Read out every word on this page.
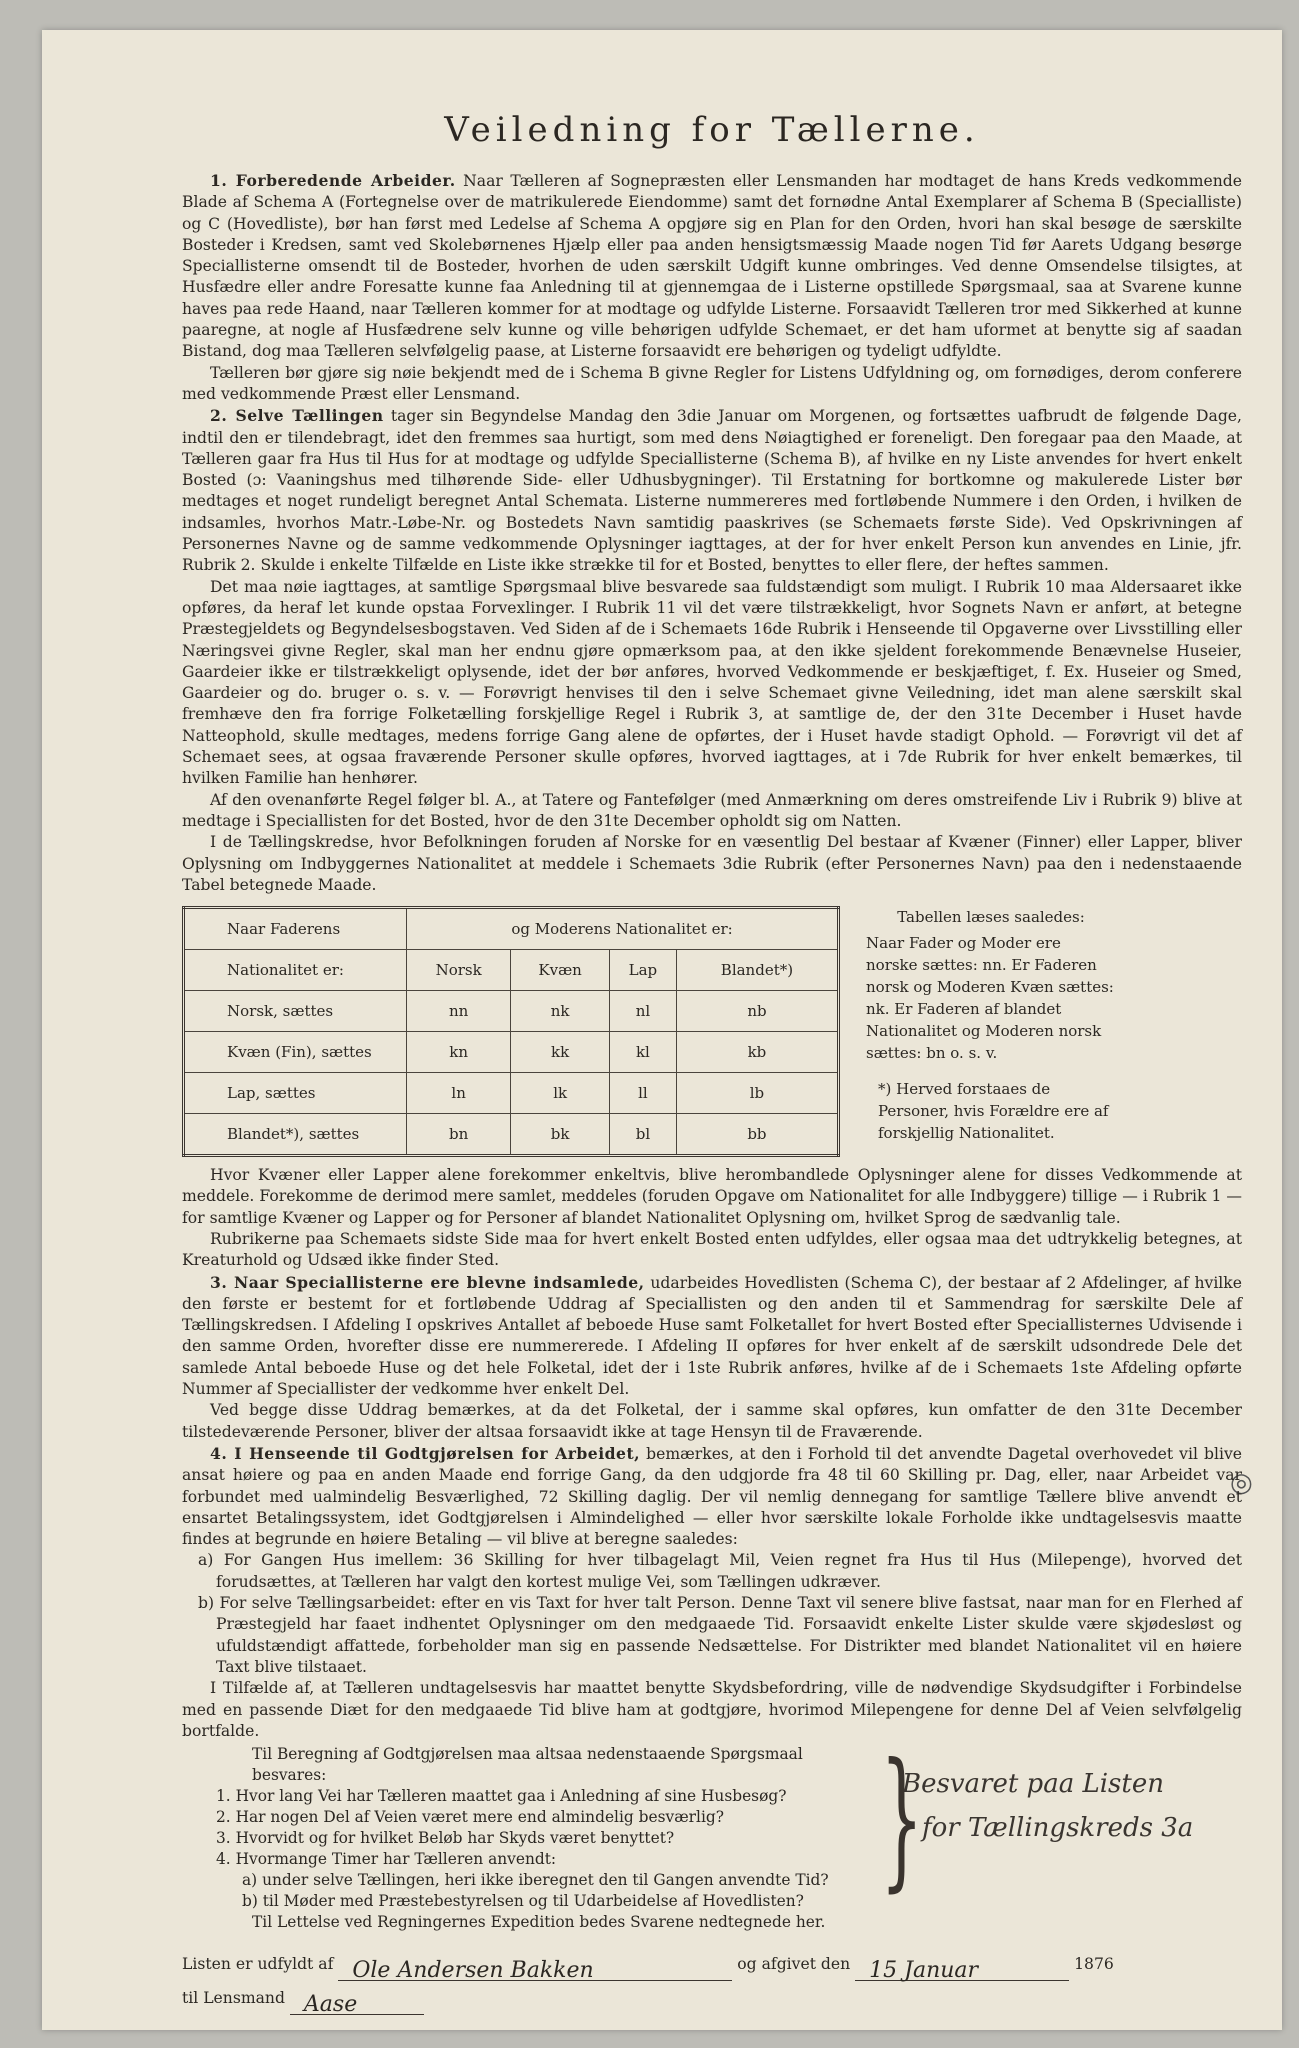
◎
Veiledning for Tællerne.

1. Forberedende Arbeider. Naar Tælleren af Sognepræsten eller Lensmanden har modtaget de hans Kreds vedkommende Blade af Schema A (Fortegnelse over de matrikulerede Eiendomme) samt det fornødne Antal Exemplarer af Schema B (Specialliste) og C (Hovedliste), bør han først med Ledelse af Schema A opgjøre sig en Plan for den Orden, hvori han skal besøge de særskilte Bosteder i Kredsen, samt ved Skolebørnenes Hjælp eller paa anden hensigtsmæssig Maade nogen Tid før Aarets Udgang besørge Speciallisterne omsendt til de Bosteder, hvorhen de uden særskilt Udgift kunne ombringes. Ved denne Omsendelse tilsigtes, at Husfædre eller andre Foresatte kunne faa Anledning til at gjennemgaa de i Listerne opstillede Spørgsmaal, saa at Svarene kunne haves paa rede Haand, naar Tælleren kommer for at modtage og udfylde Listerne. Forsaavidt Tælleren tror med Sikkerhed at kunne paaregne, at nogle af Husfædrene selv kunne og ville behørigen udfylde Schemaet, er det ham uformet at benytte sig af saadan Bistand, dog maa Tælleren selvfølgelig paase, at Listerne forsaavidt ere behørigen og tydeligt udfyldte.

Tælleren bør gjøre sig nøie bekjendt med de i Schema B givne Regler for Listens Udfyldning og, om fornødiges, derom conferere med vedkommende Præst eller Lensmand.

2. Selve Tællingen tager sin Begyndelse Mandag den 3die Januar om Morgenen, og fortsættes uafbrudt de følgende Dage, indtil den er tilendebragt, idet den fremmes saa hurtigt, som med dens Nøiagtighed er foreneligt. Den foregaar paa den Maade, at Tælleren gaar fra Hus til Hus for at modtage og udfylde Speciallisterne (Schema B), af hvilke en ny Liste anvendes for hvert enkelt Bosted (ɔ: Vaaningshus med tilhørende Side- eller Udhusbygninger). Til Erstatning for bortkomne og makulerede Lister bør medtages et noget rundeligt beregnet Antal Schemata. Listerne nummereres med fortløbende Nummere i den Orden, i hvilken de indsamles, hvorhos Matr.-Løbe-Nr. og Bostedets Navn samtidig paaskrives (se Schemaets første Side). Ved Opskrivningen af Personernes Navne og de samme vedkommende Oplysninger iagttages, at der for hver enkelt Person kun anvendes en Linie, jfr. Rubrik 2. Skulde i enkelte Tilfælde en Liste ikke strække til for et Bosted, benyttes to eller flere, der heftes sammen.

Det maa nøie iagttages, at samtlige Spørgsmaal blive besvarede saa fuldstændigt som muligt. I Rubrik 10 maa Aldersaaret ikke opføres, da heraf let kunde opstaa Forvexlinger. I Rubrik 11 vil det være tilstrækkeligt, hvor Sognets Navn er anført, at betegne Præstegjeldets og Begyndelsesbogstaven. Ved Siden af de i Schemaets 16de Rubrik i Henseende til Opgaverne over Livsstilling eller Næringsvei givne Regler, skal man her endnu gjøre opmærksom paa, at den ikke sjeldent forekommende Benævnelse Huseier, Gaardeier ikke er tilstrækkeligt oplysende, idet der bør anføres, hvorved Vedkommende er beskjæftiget, f. Ex. Huseier og Smed, Gaardeier og do. bruger o. s. v. — Forøvrigt henvises til den i selve Schemaet givne Veiledning, idet man alene særskilt skal fremhæve den fra forrige Folketælling forskjellige Regel i Rubrik 3, at samtlige de, der den 31te December i Huset havde Natteophold, skulle medtages, medens forrige Gang alene de opførtes, der i Huset havde stadigt Ophold. — Forøvrigt vil det af Schemaet sees, at ogsaa fraværende Personer skulle opføres, hvorved iagttages, at i 7de Rubrik for hver enkelt bemærkes, til hvilken Familie han henhører.

Af den ovenanførte Regel følger bl. A., at Tatere og Fantefølger (med Anmærkning om deres omstreifende Liv i Rubrik 9) blive at medtage i Speciallisten for det Bosted, hvor de den 31te December opholdt sig om Natten.

I de Tællingskredse, hvor Befolkningen foruden af Norske for en væsentlig Del bestaar af Kvæner (Finner) eller Lapper, bliver Oplysning om Indbyggernes Nationalitet at meddele i Schemaets 3die Rubrik (efter Personernes Navn) paa den i nedenstaaende Tabel betegnede Maade.

Naar Faderens	og Moderens Nationalitet er:			
Nationalitet er:	Norsk	Kvæn	Lap	Blandet*)
Norsk, sættes	nn	nk	nl	nb
Kvæn (Fin), sættes	kn	kk	kl	kb
Lap, sættes	ln	lk	ll	lb
Blandet*), sættes	bn	bk	bl	bb
Tabellen læses saaledes:
Naar Fader og Moder ere norske sættes: nn. Er Faderen norsk og Moderen Kvæn sættes: nk. Er Faderen af blandet Nationalitet og Moderen norsk sættes: bn o. s. v.
*) Herved forstaaes de Personer, hvis Forældre ere af forskjellig Nationalitet.

Hvor Kvæner eller Lapper alene forekommer enkeltvis, blive herombandlede Oplysninger alene for disses Vedkommende at meddele. Forekomme de derimod mere samlet, meddeles (foruden Opgave om Nationalitet for alle Indbyggere) tillige — i Rubrik 1 — for samtlige Kvæner og Lapper og for Personer af blandet Nationalitet Oplysning om, hvilket Sprog de sædvanlig tale.

Rubrikerne paa Schemaets sidste Side maa for hvert enkelt Bosted enten udfyldes, eller ogsaa maa det udtrykkelig betegnes, at Kreaturhold og Udsæd ikke finder Sted.

3. Naar Speciallisterne ere blevne indsamlede, udarbeides Hovedlisten (Schema C), der bestaar af 2 Afdelinger, af hvilke den første er bestemt for et fortløbende Uddrag af Speciallisten og den anden til et Sammendrag for særskilte Dele af Tællingskredsen. I Afdeling I opskrives Antallet af beboede Huse samt Folketallet for hvert Bosted efter Speciallisternes Udvisende i den samme Orden, hvorefter disse ere nummererede. I Afdeling II opføres for hver enkelt af de særskilt udsondrede Dele det samlede Antal beboede Huse og det hele Folketal, idet der i 1ste Rubrik anføres, hvilke af de i Schemaets 1ste Afdeling opførte Nummer af Speciallister der vedkomme hver enkelt Del.

Ved begge disse Uddrag bemærkes, at da det Folketal, der i samme skal opføres, kun omfatter de den 31te December tilstedeværende Personer, bliver der altsaa forsaavidt ikke at tage Hensyn til de Fraværende.

4. I Henseende til Godtgjørelsen for Arbeidet, bemærkes, at den i Forhold til det anvendte Dagetal overhovedet vil blive ansat høiere og paa en anden Maade end forrige Gang, da den udgjorde fra 48 til 60 Skilling pr. Dag, eller, naar Arbeidet var forbundet med ualmindelig Besværlighed, 72 Skilling daglig. Der vil nemlig dennegang for samtlige Tællere blive anvendt et ensartet Betalingssystem, idet Godtgjørelsen i Almindelighed — eller hvor særskilte lokale Forholde ikke undtagelsesvis maatte findes at begrunde en høiere Betaling — vil blive at beregne saaledes:

a) For Gangen Hus imellem: 36 Skilling for hver tilbagelagt Mil, Veien regnet fra Hus til Hus (Milepenge), hvorved det forudsættes, at Tælleren har valgt den kortest mulige Vei, som Tællingen udkræver.

b) For selve Tællingsarbeidet: efter en vis Taxt for hver talt Person. Denne Taxt vil senere blive fastsat, naar man for en Flerhed af Præstegjeld har faaet indhentet Oplysninger om den medgaaede Tid. Forsaavidt enkelte Lister skulde være skjødesløst og ufuldstændigt affattede, forbeholder man sig en passende Nedsættelse. For Distrikter med blandet Nationalitet vil en høiere Taxt blive tilstaaet.

I Tilfælde af, at Tælleren undtagelsesvis har maattet benytte Skydsbefordring, ville de nødvendige Skydsudgifter i Forbindelse med en passende Diæt for den medgaaede Tid blive ham at godtgjøre, hvorimod Milepengene for denne Del af Veien selvfølgelig bortfalde.

Til Beregning af Godtgjørelsen maa altsaa nedenstaaende Spørgsmaal besvares:
1. Hvor lang Vei har Tælleren maattet gaa i Anledning af sine Husbesøg?
2. Har nogen Del af Veien været mere end almindelig besværlig?
3. Hvorvidt og for hvilket Beløb har Skyds været benyttet?
4. Hvormange Timer har Tælleren anvendt:
a) under selve Tællingen, heri ikke iberegnet den til Gangen anvendte Tid?
b) til Møder med Præstebestyrelsen og til Udarbeidelse af Hovedlisten?
Til Lettelse ved Regningernes Expedition bedes Svarene nedtegnede her.
}
Besvaret paa Listen
for Tællingskreds 3a
Listen er udfyldt af Ole Andersen Bakken	og afgivet den 15 Januar	1876
til Lensmand Aase
